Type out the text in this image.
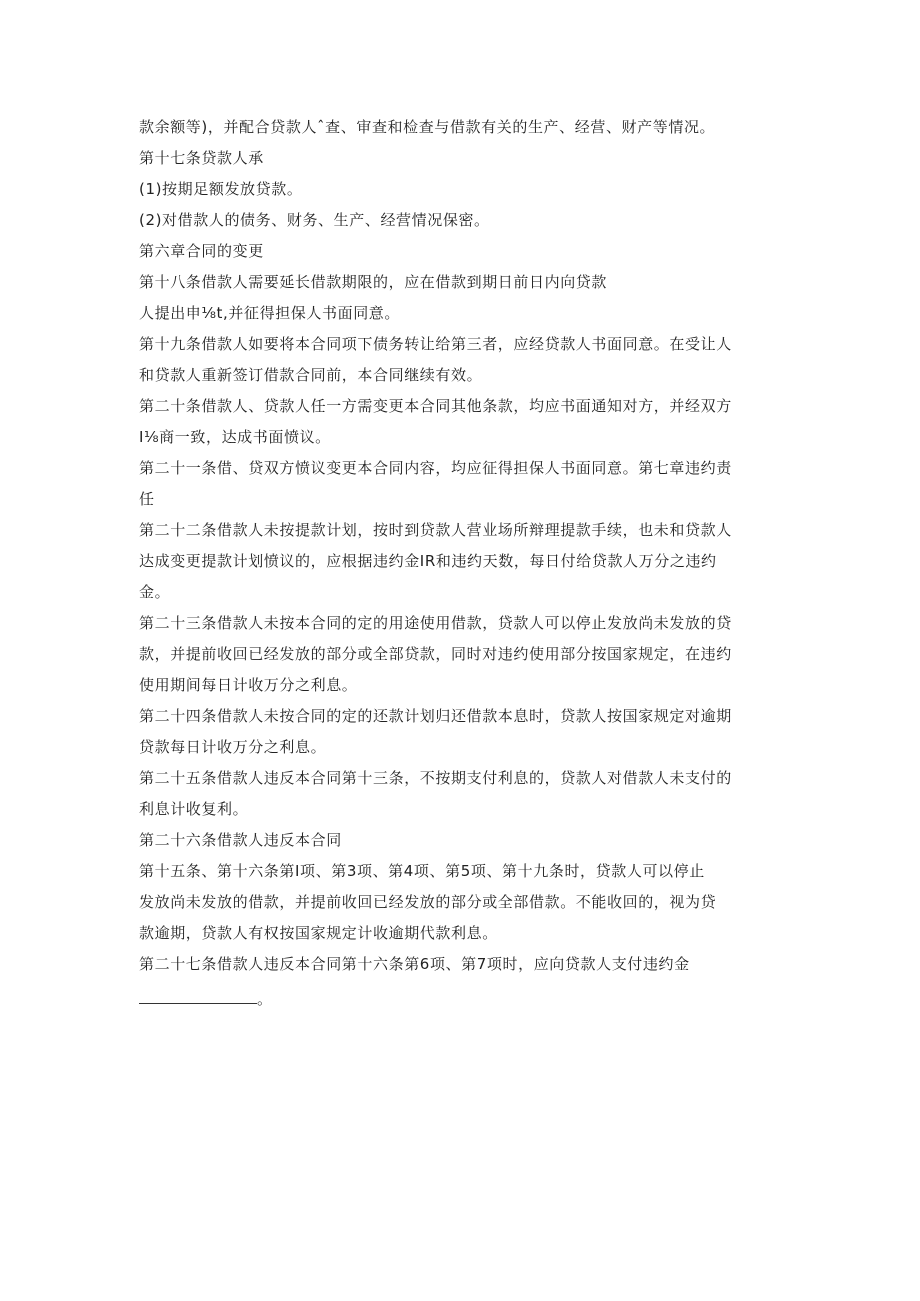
款余额等)，并配合贷款人ˆ查、审查和检查与借款有关的生产、经营、财产等情况。
第十七条贷款人承
(1)按期足额发放贷款。
(2)对借款人的债务、财务、生产、经营情况保密。
第六章合同的变更
第十八条借款人需要延长借款期限的，应在借款到期日前日内向贷款
人提出申⅛t,并征得担保人书面同意。
第十九条借款人如要将本合同项下债务转让给第三者，应经贷款人书面同意。在受让人
和贷款人重新签订借款合同前，本合同继续有效。
第二十条借款人、贷款人任一方需变更本合同其他条款，均应书面通知对方，并经双方
I⅛商一致，达成书面愤议。
第二十一条借、贷双方愤议变更本合同内容，均应征得担保人书面同意。第七章违约责
任
第二十二条借款人未按提款计划，按时到贷款人营业场所辩理提款手续，也未和贷款人
达成变更提款计划愤议的，应根据违约金IR和违约天数，每日付给贷款人万分之违约
金。
第二十三条借款人未按本合同的定的用途使用借款，贷款人可以停止发放尚未发放的贷
款，并提前收回已经发放的部分或全部贷款，同时对违约使用部分按国家规定，在违约
使用期间每日计收万分之利息。
第二十四条借款人未按合同的定的还款计划归还借款本息时，贷款人按国家规定对逾期
贷款每日计收万分之利息。
第二十五条借款人违反本合同第十三条，不按期支付利息的，贷款人对借款人未支付的
利息计收复利。
第二十六条借款人违反本合同
第十五条、第十六条第I项、第3项、第4项、第5项、第十九条时，贷款人可以停止
发放尚未发放的借款，并提前收回已经发放的部分或全部借款。不能收回的，视为贷
款逾期，贷款人有权按国家规定计收逾期代款利息。
第二十七条借款人违反本合同第十六条第6项、第7项时，应向贷款人支付违约金
。
